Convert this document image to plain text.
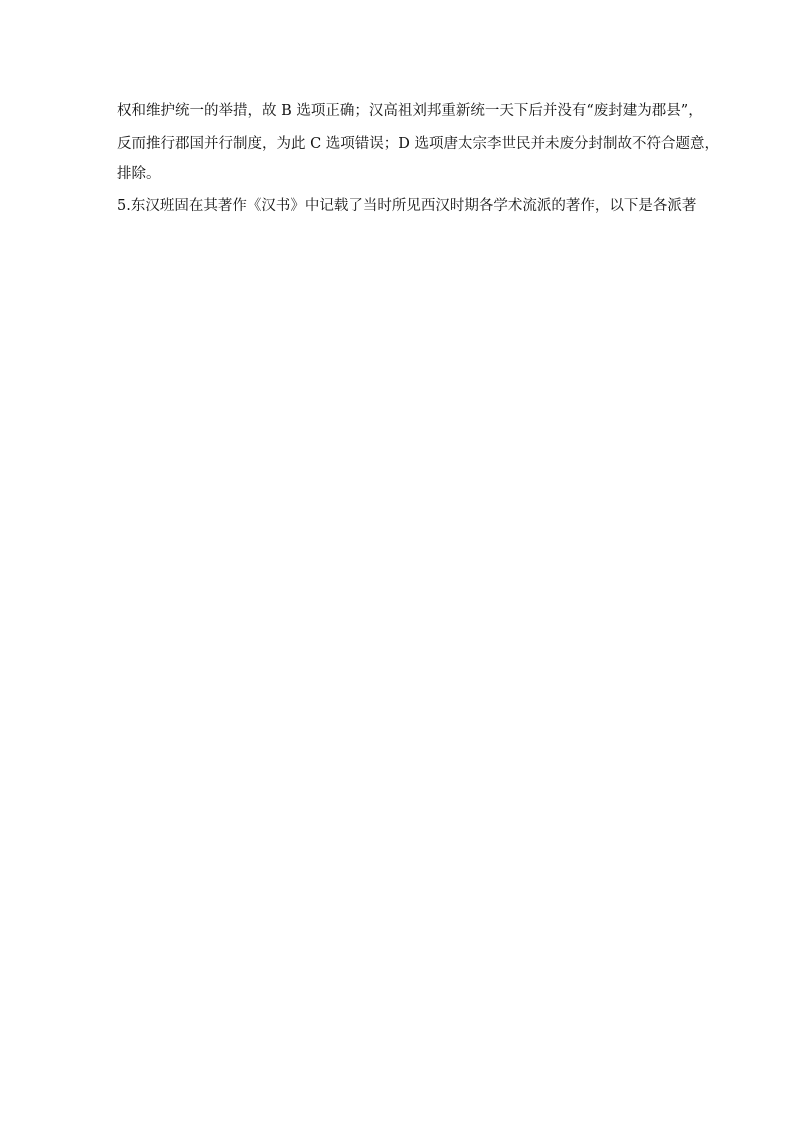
权和维护统一的举措，故 B 选项正确；汉高祖刘邦重新统一天下后并没有“废封建为郡县”，

反而推行郡国并行制度，为此 C 选项错误；D 选项唐太宗李世民并未废分封制故不符合题意，

排除。

5.东汉班固在其著作《汉书》中记载了当时所见西汉时期各学术流派的著作，以下是各派著
